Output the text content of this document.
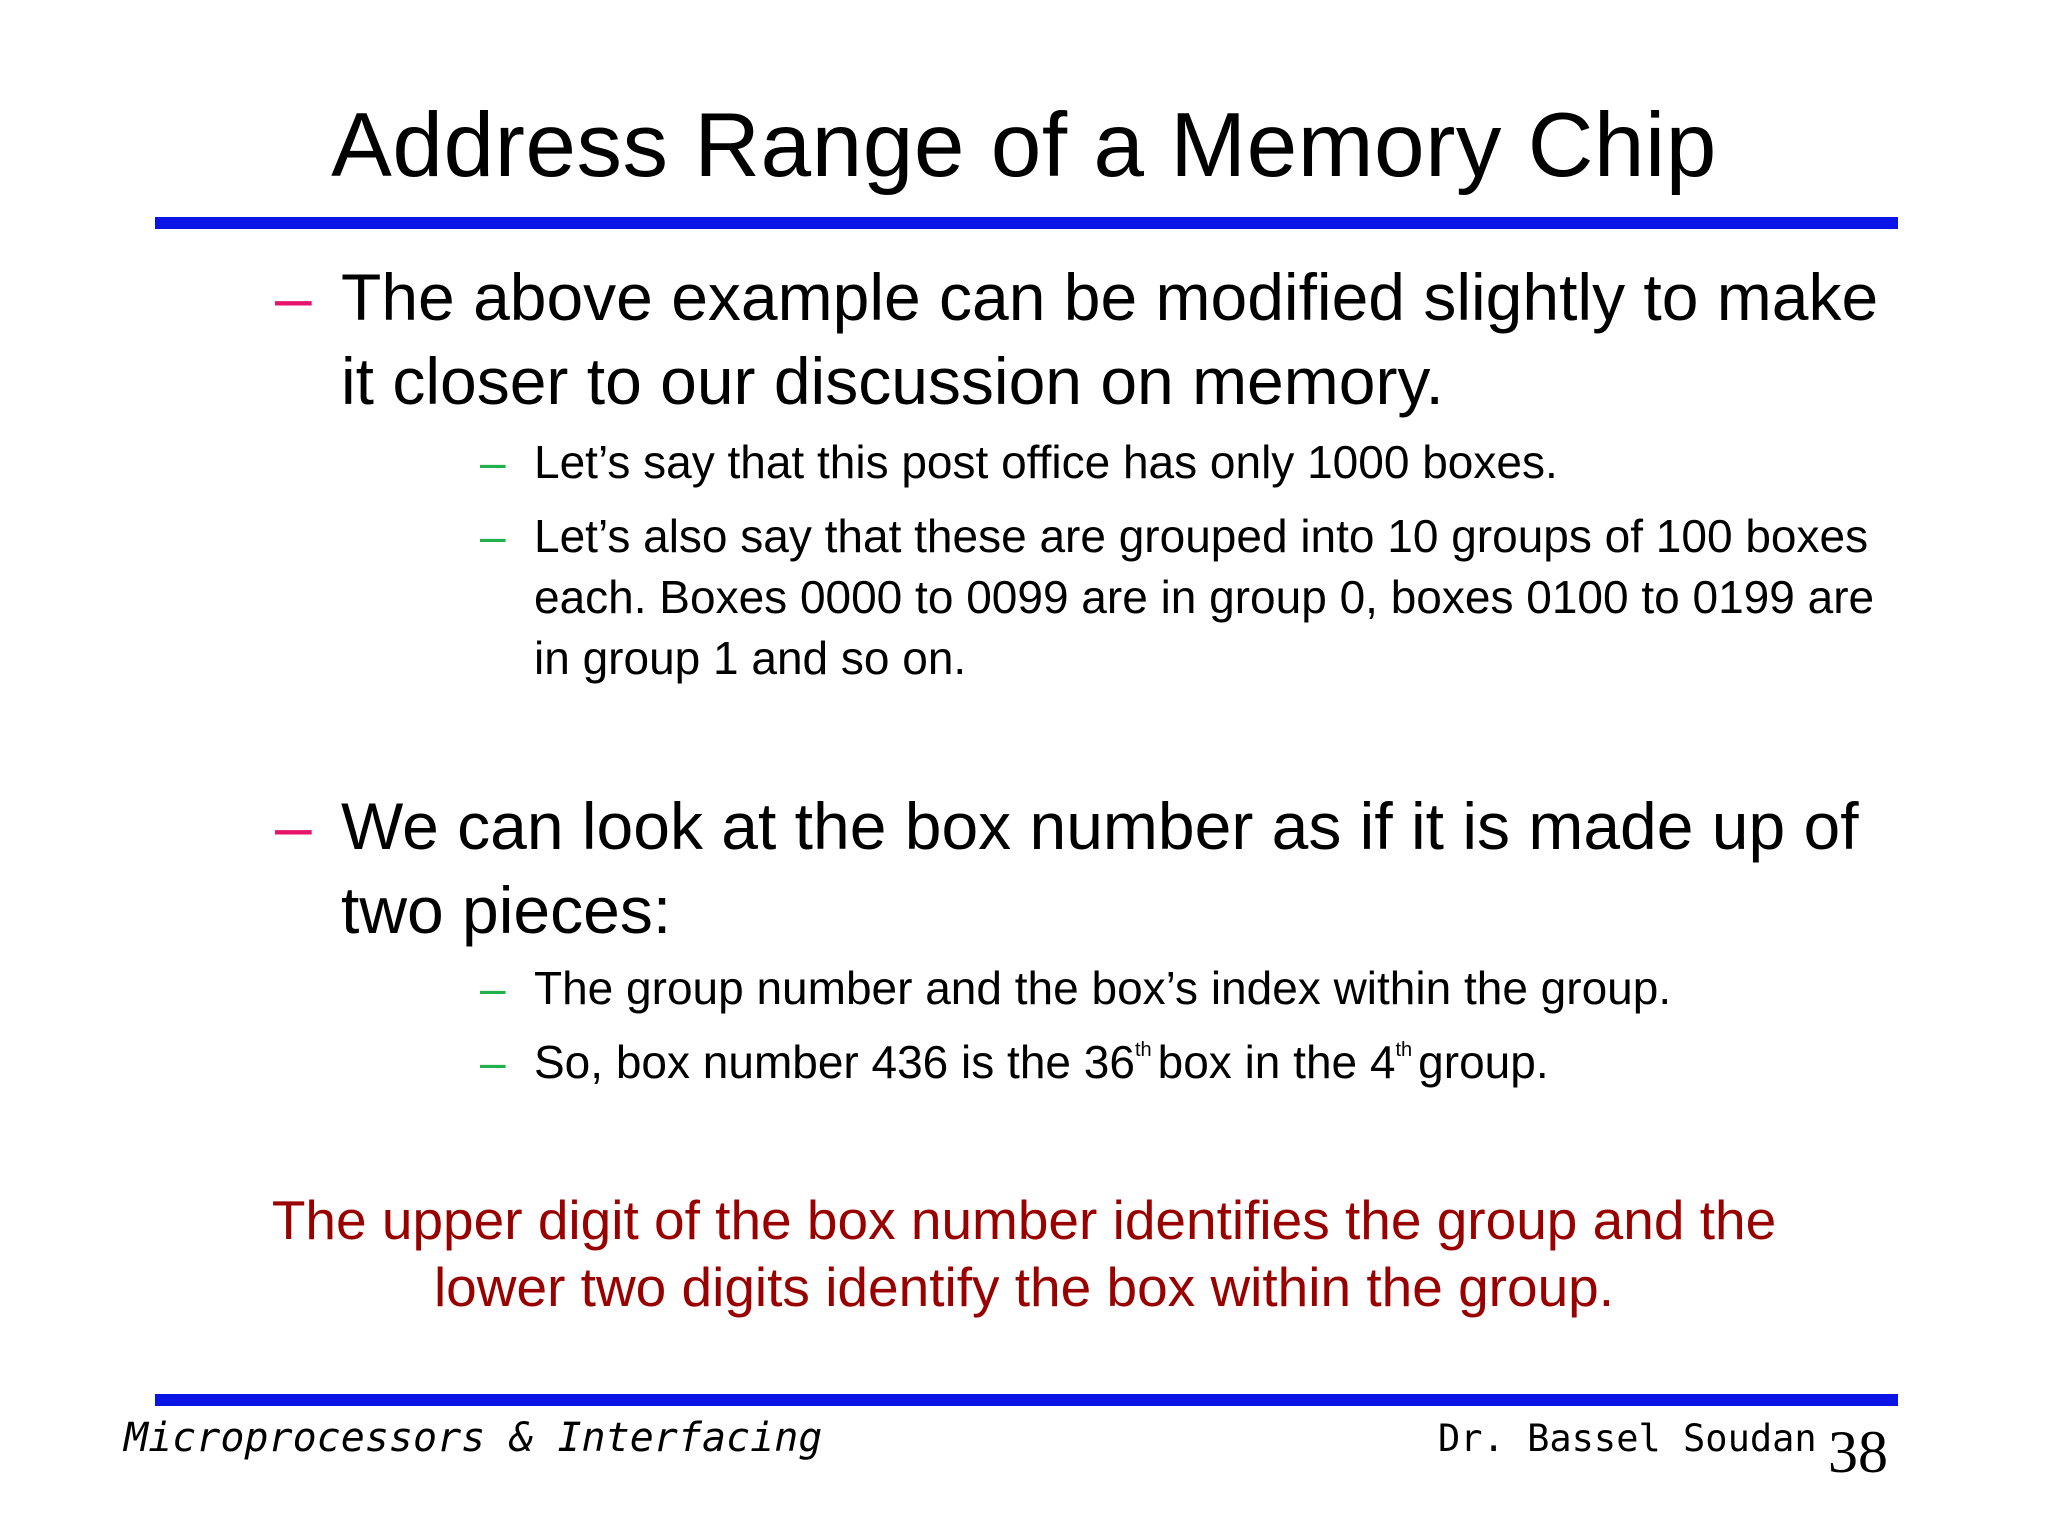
Address Range of a Memory Chip
– The above example can be modified slightly to make it closer to our discussion on memory.
– Let’s say that this post office has only 1000 boxes.
– Let’s also say that these are grouped into 10 groups of 100 boxes each. Boxes 0000 to 0099 are in group 0, boxes 0100 to 0199 are in group 1 and so on.
– We can look at the box number as if it is made up of two pieces:
– The group number and the box’s index within the group.
– So, box number 436 is the 36th box in the 4th group.
The upper digit of the box number identifies the group and the
lower two digits identify the box within the group.
Microprocessors & Interfacing	Dr. Bassel Soudan 38
